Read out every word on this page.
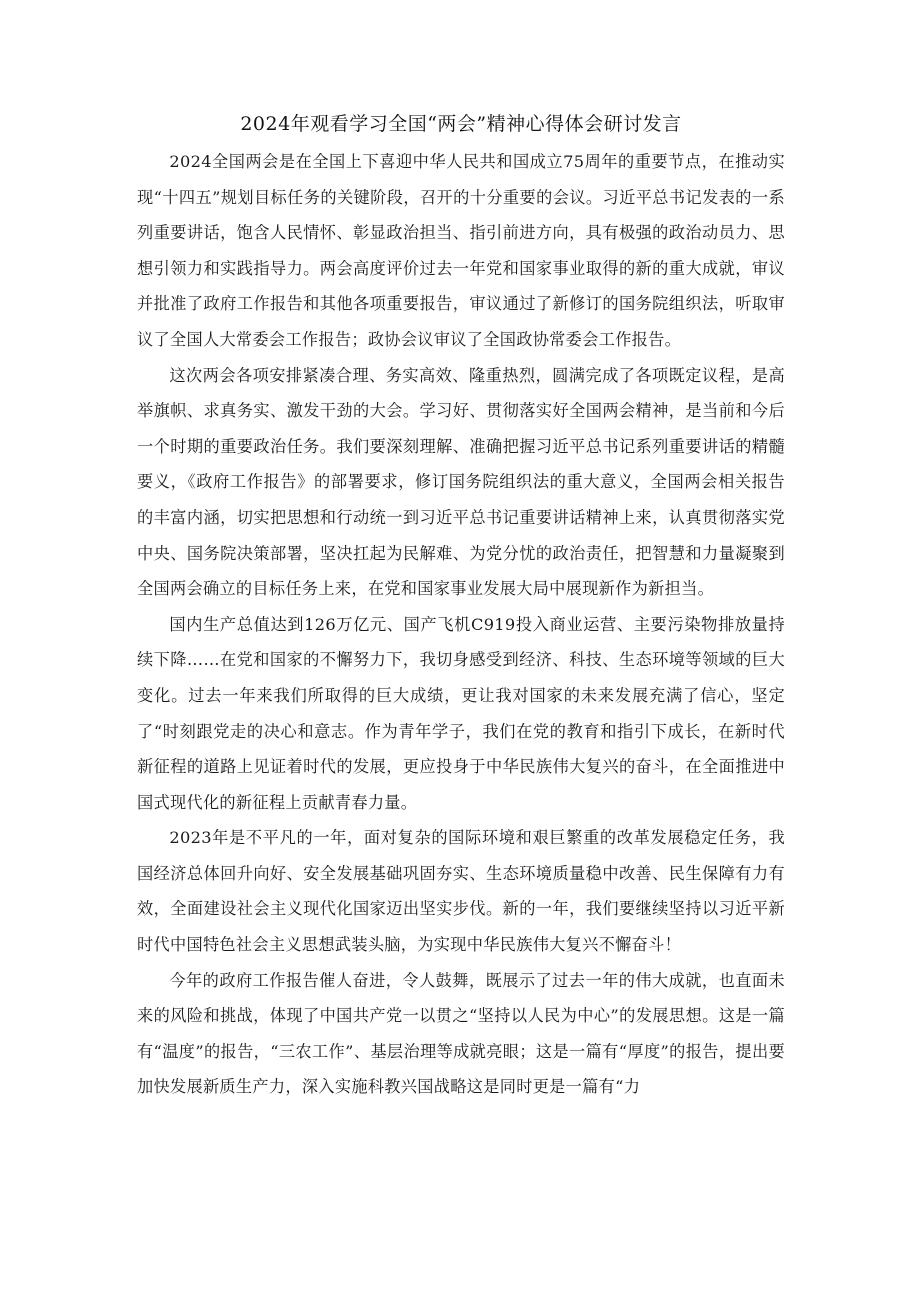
2024年观看学习全国“两会”精神心得体会研讨发言

2024全国两会是在全国上下喜迎中华人民共和国成立75周年的重要节点，在推动实现“十四五”规划目标任务的关键阶段，召开的十分重要的会议。习近平总书记发表的一系列重要讲话，饱含人民情怀、彰显政治担当、指引前进方向，具有极强的政治动员力、思想引领力和实践指导力。两会高度评价过去一年党和国家事业取得的新的重大成就，审议并批准了政府工作报告和其他各项重要报告，审议通过了新修订的国务院组织法，听取审议了全国人大常委会工作报告；政协会议审议了全国政协常委会工作报告。

这次两会各项安排紧凑合理、务实高效、隆重热烈，圆满完成了各项既定议程，是高举旗帜、求真务实、激发干劲的大会。学习好、贯彻落实好全国两会精神，是当前和今后一个时期的重要政治任务。我们要深刻理解、准确把握习近平总书记系列重要讲话的精髓要义，《政府工作报告》的部署要求，修订国务院组织法的重大意义，全国两会相关报告的丰富内涵，切实把思想和行动统一到习近平总书记重要讲话精神上来，认真贯彻落实党中央、国务院决策部署，坚决扛起为民解难、为党分忧的政治责任，把智慧和力量凝聚到全国两会确立的目标任务上来，在党和国家事业发展大局中展现新作为新担当。

国内生产总值达到126万亿元、国产飞机C919投入商业运营、主要污染物排放量持续下降……在党和国家的不懈努力下，我切身感受到经济、科技、生态环境等领域的巨大变化。过去一年来我们所取得的巨大成绩，更让我对国家的未来发展充满了信心，坚定了“时刻跟党走的决心和意志。作为青年学子，我们在党的教育和指引下成长，在新时代新征程的道路上见证着时代的发展，更应投身于中华民族伟大复兴的奋斗，在全面推进中国式现代化的新征程上贡献青春力量。

2023年是不平凡的一年，面对复杂的国际环境和艰巨繁重的改革发展稳定任务，我国经济总体回升向好、安全发展基础巩固夯实、生态环境质量稳中改善、民生保障有力有效，全面建设社会主义现代化国家迈出坚实步伐。新的一年，我们要继续坚持以习近平新时代中国特色社会主义思想武装头脑，为实现中华民族伟大复兴不懈奋斗！

今年的政府工作报告催人奋进，令人鼓舞，既展示了过去一年的伟大成就，也直面未来的风险和挑战，体现了中国共产党一以贯之“坚持以人民为中心”的发展思想。这是一篇有“温度”的报告，“三农工作”、基层治理等成就亮眼；这是一篇有“厚度”的报告，提出要加快发展新质生产力，深入实施科教兴国战略这是同时更是一篇有“力
